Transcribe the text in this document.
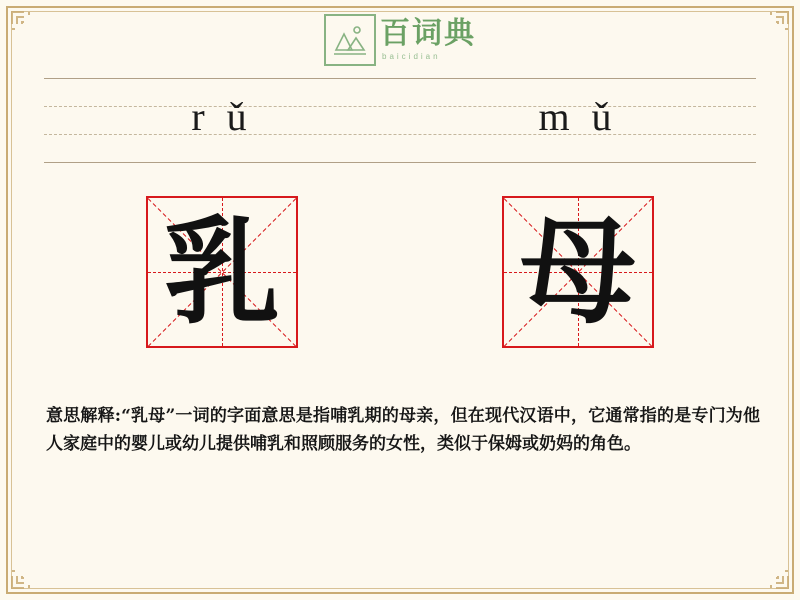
百词典
baicidian
r ǔ	m ǔ
乳 母
意思解释:“乳母”一词的字面意思是指哺乳期的母亲，但在现代汉语中，它通常指的是专门为他人家庭中的婴儿或幼儿提供哺乳和照顾服务的女性，类似于保姆或奶妈的角色。
